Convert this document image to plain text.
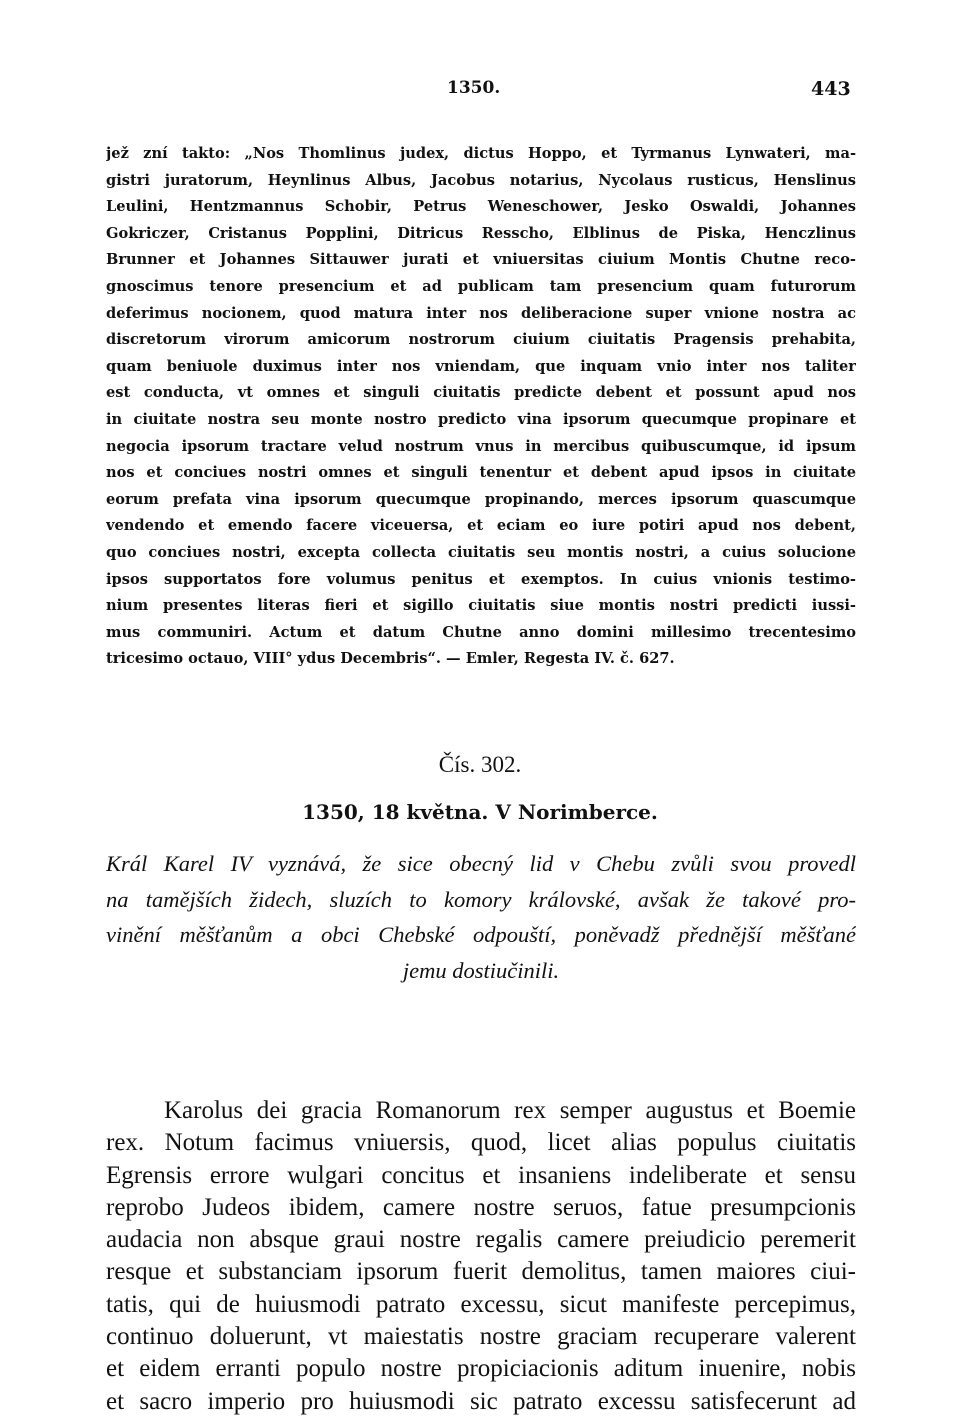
1350.	443
jež zní takto: „Nos Thomlinus judex, dictus Hoppo, et Tyrmanus Lynwateri, ma-
gistri juratorum, Heynlinus Albus, Jacobus notarius, Nycolaus rusticus, Henslinus
Leulini, Hentzmannus Schobir, Petrus Weneschower, Jesko Oswaldi, Johannes
Gokriczer, Cristanus Popplini, Ditricus Resscho, Elblinus de Piska, Henczlinus
Brunner et Johannes Sittauwer jurati et vniuersitas ciuium Montis Chutne reco-
gnoscimus tenore presencium et ad publicam tam presencium quam futurorum
deferimus nocionem, quod matura inter nos deliberacione super vnione nostra ac
discretorum virorum amicorum nostrorum ciuium ciuitatis Pragensis prehabita,
quam beniuole duximus inter nos vniendam, que inquam vnio inter nos taliter
est conducta, vt omnes et singuli ciuitatis predicte debent et possunt apud nos
in ciuitate nostra seu monte nostro predicto vina ipsorum quecumque propinare et
negocia ipsorum tractare velud nostrum vnus in mercibus quibuscumque, id ipsum
nos et conciues nostri omnes et singuli tenentur et debent apud ipsos in ciuitate
eorum prefata vina ipsorum quecumque propinando, merces ipsorum quascumque
vendendo et emendo facere viceuersa, et eciam eo iure potiri apud nos debent,
quo conciues nostri, excepta collecta ciuitatis seu montis nostri, a cuius solucione
ipsos supportatos fore volumus penitus et exemptos. In cuius vnionis testimo-
nium presentes literas fieri et sigillo ciuitatis siue montis nostri predicti iussi-
mus communiri. Actum et datum Chutne anno domini millesimo trecentesimo
tricesimo octauo, VIII° ydus Decembris“. — Emler, Regesta IV. č. 627.
Čís. 302.
1350, 18 května. V Norimberce.
Král Karel IV vyznává, že sice obecný lid v Chebu zvůli svou provedl
na tamějších židech, sluzích to komory královské, avšak že takové pro-
vinění měšťanům a obci Chebské odpouští, poněvadž přednější měšťané
jemu dostiučinili.
Karolus dei gracia Romanorum rex semper augustus et Boemie
rex. Notum facimus vniuersis, quod, licet alias populus ciuitatis
Egrensis errore wulgari concitus et insaniens indeliberate et sensu
reprobo Judeos ibidem, camere nostre seruos, fatue presumpcionis
audacia non absque graui nostre regalis camere preiudicio peremerit
resque et substanciam ipsorum fuerit demolitus, tamen maiores ciui-
tatis, qui de huiusmodi patrato excessu, sicut manifeste percepimus,
continuo doluerunt, vt maiestatis nostre graciam recuperare valerent
et eidem erranti populo nostre propiciacionis aditum inuenire, nobis
et sacro imperio pro huiusmodi sic patrato excessu satisfecerunt ad
